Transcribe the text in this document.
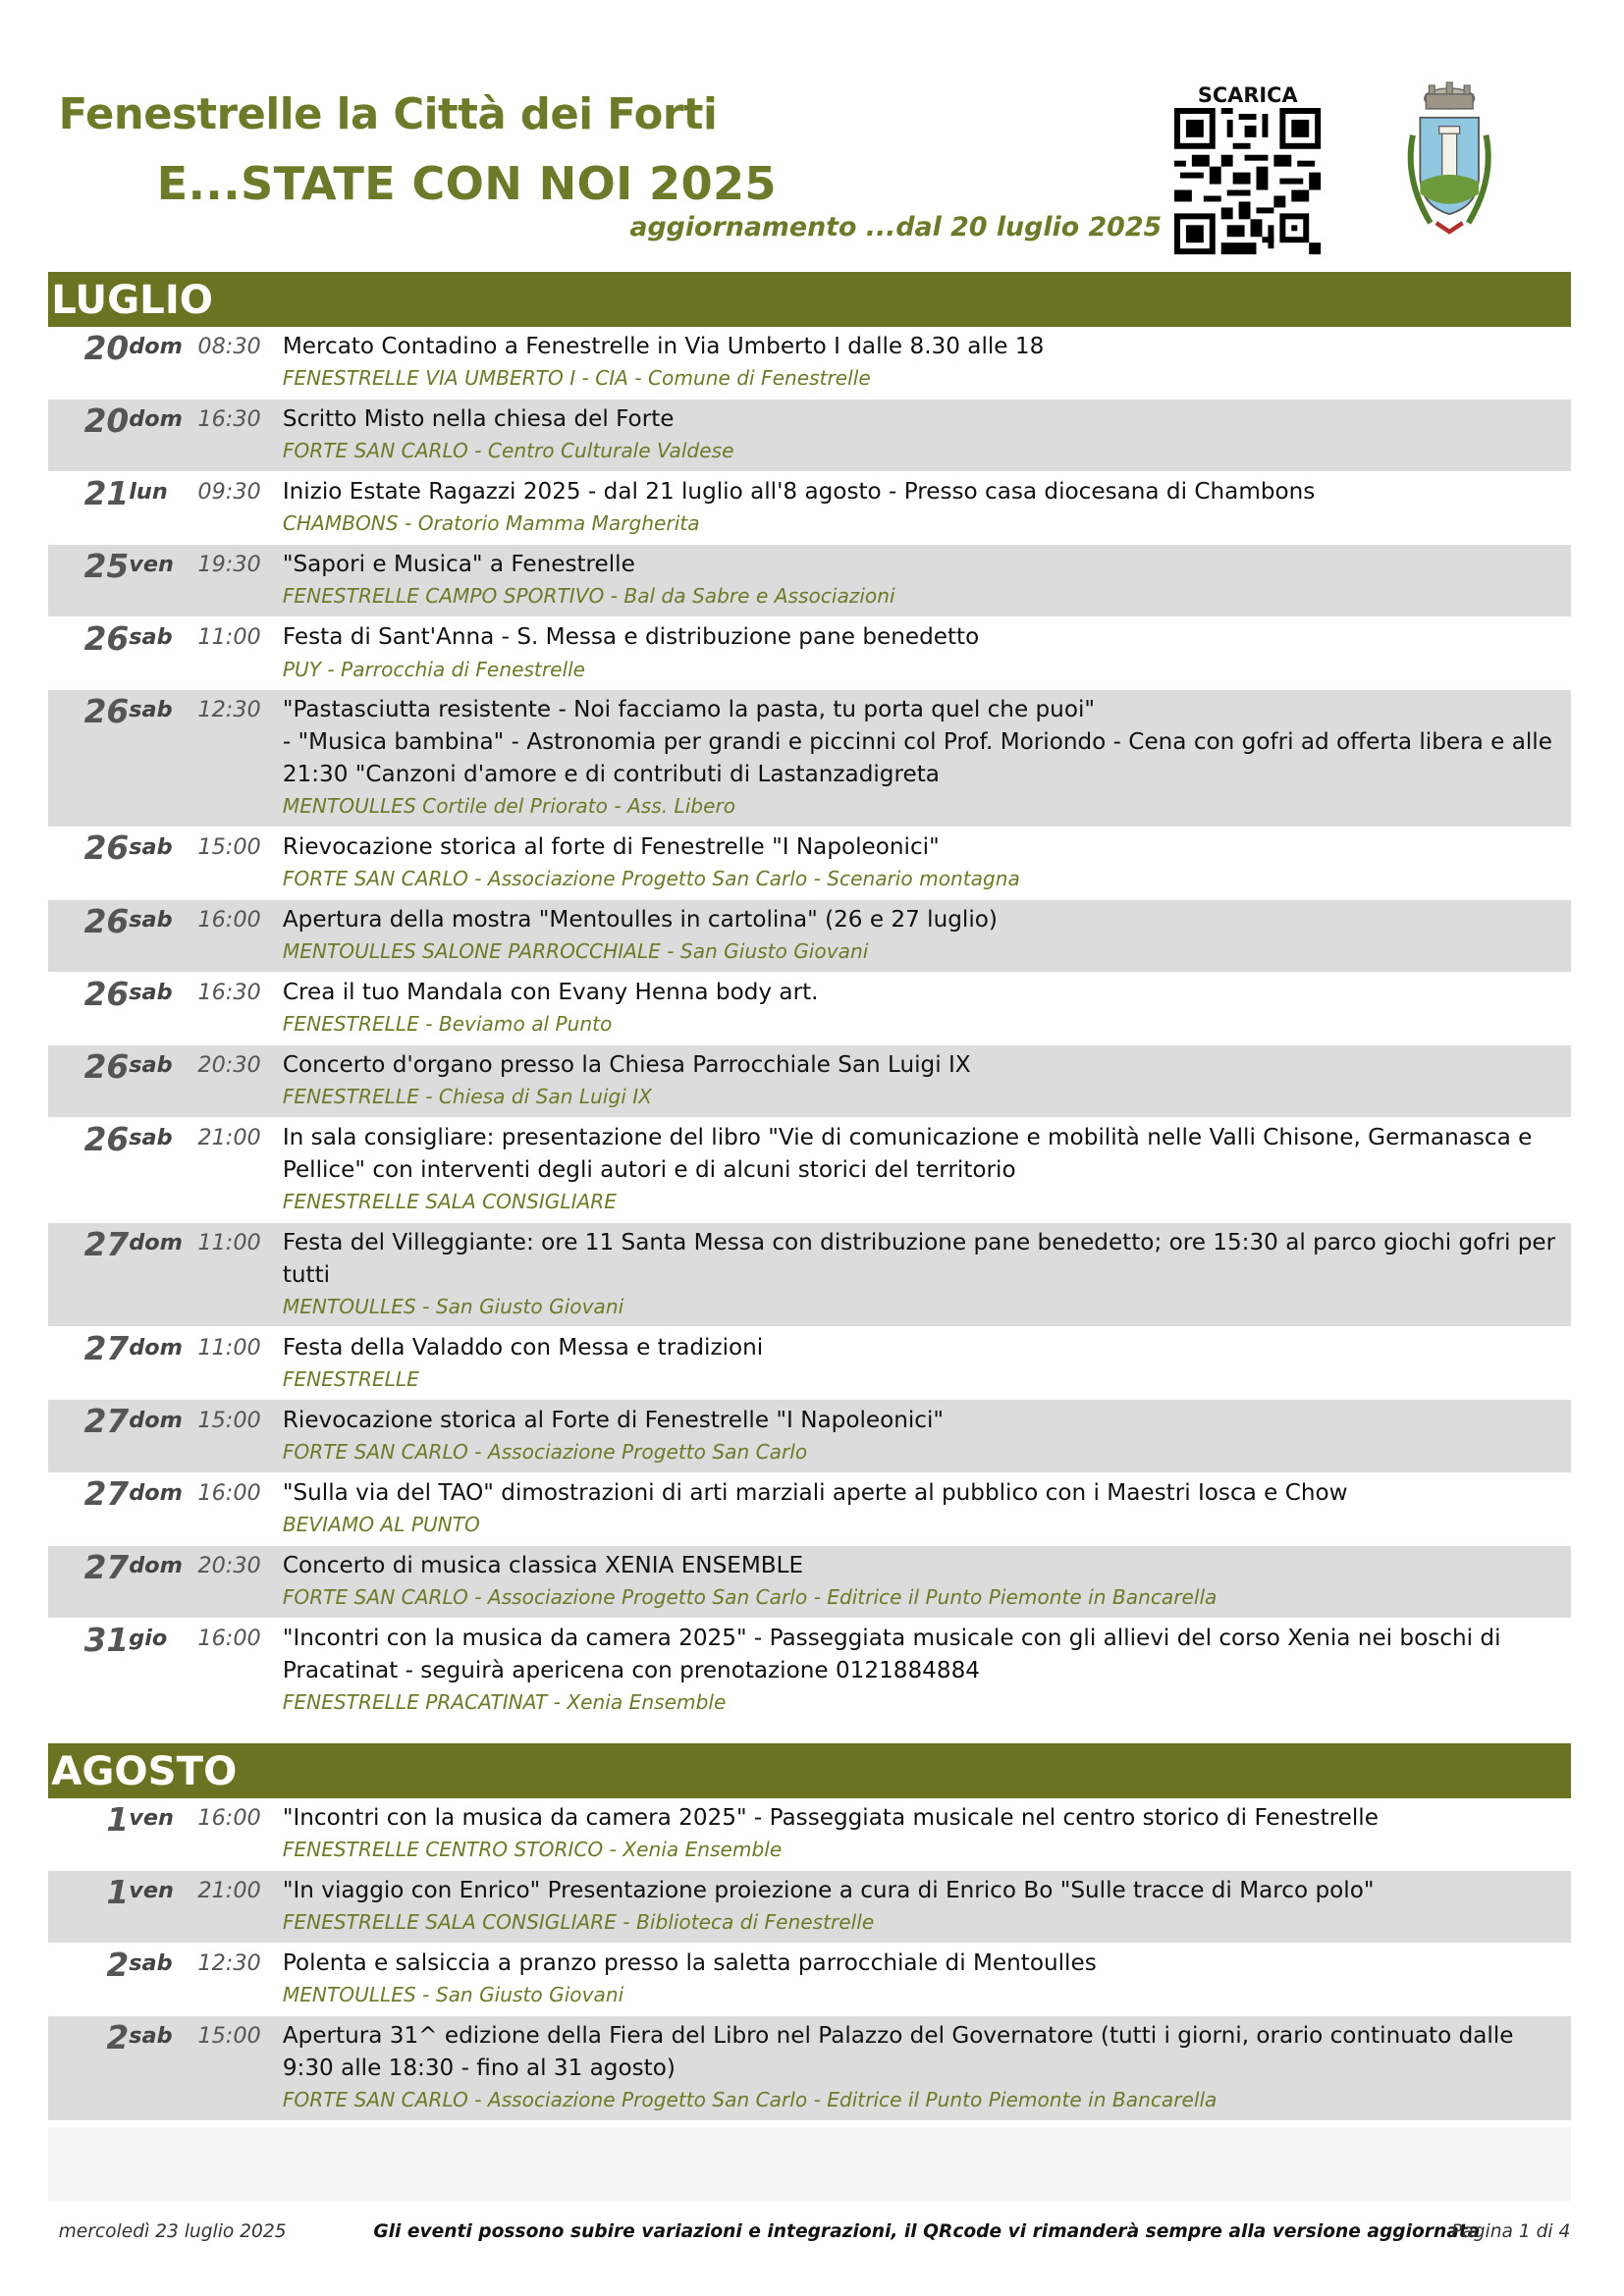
Fenestrelle la Città dei Forti
E...STATE CON NOI 2025
aggiornamento ...dal 20 luglio 2025
SCARICA
LUGLIO
20 dom 08:30 Mercato Contadino a Fenestrelle in Via Umberto I dalle 8.30 alle 18
FENESTRELLE VIA UMBERTO I - CIA - Comune di Fenestrelle
20 dom 16:30 Scritto Misto nella chiesa del Forte
FORTE SAN CARLO - Centro Culturale Valdese
21 lun 09:30 Inizio Estate Ragazzi 2025 - dal 21 luglio all'8 agosto - Presso casa diocesana di Chambons
CHAMBONS - Oratorio Mamma Margherita
25 ven 19:30 "Sapori e Musica" a Fenestrelle
FENESTRELLE CAMPO SPORTIVO - Bal da Sabre e Associazioni
26 sab 11:00 Festa di Sant'Anna - S. Messa e distribuzione pane benedetto
PUY - Parrocchia di Fenestrelle
26 sab 12:30 "Pastasciutta resistente - Noi facciamo la pasta, tu porta quel che puoi"
- "Musica bambina" - Astronomia per grandi e piccinni col Prof. Moriondo - Cena con gofri ad offerta libera e alle 21:30 "Canzoni d'amore e di contributi di Lastanzadigreta
MENTOULLES Cortile del Priorato - Ass. Libero
26 sab 15:00 Rievocazione storica al forte di Fenestrelle "I Napoleonici"
FORTE SAN CARLO - Associazione Progetto San Carlo - Scenario montagna
26 sab 16:00 Apertura della mostra "Mentoulles in cartolina" (26 e 27 luglio)
MENTOULLES SALONE PARROCCHIALE - San Giusto Giovani
26 sab 16:30 Crea il tuo Mandala con Evany Henna body art.
FENESTRELLE - Beviamo al Punto
26 sab 20:30 Concerto d'organo presso la Chiesa Parrocchiale San Luigi IX
FENESTRELLE - Chiesa di San Luigi IX
26 sab 21:00 In sala consigliare: presentazione del libro "Vie di comunicazione e mobilità nelle Valli Chisone, Germanasca e Pellice" con interventi degli autori e di alcuni storici del territorio
FENESTRELLE SALA CONSIGLIARE
27 dom 11:00 Festa del Villeggiante: ore 11 Santa Messa con distribuzione pane benedetto; ore 15:30 al parco giochi gofri per tutti
MENTOULLES - San Giusto Giovani
27 dom 11:00 Festa della Valaddo con Messa e tradizioni
FENESTRELLE
27 dom 15:00 Rievocazione storica al Forte di Fenestrelle "I Napoleonici"
FORTE SAN CARLO - Associazione Progetto San Carlo
27 dom 16:00 "Sulla via del TAO" dimostrazioni di arti marziali aperte al pubblico con i Maestri Iosca e Chow
BEVIAMO AL PUNTO
27 dom 20:30 Concerto di musica classica XENIA ENSEMBLE
FORTE SAN CARLO - Associazione Progetto San Carlo - Editrice il Punto Piemonte in Bancarella
31 gio 16:00 "Incontri con la musica da camera 2025" - Passeggiata musicale con gli allievi del corso Xenia nei boschi di Pracatinat - seguirà apericena con prenotazione 0121884884
FENESTRELLE PRACATINAT - Xenia Ensemble
AGOSTO
1 ven 16:00 "Incontri con la musica da camera 2025" - Passeggiata musicale nel centro storico di Fenestrelle
FENESTRELLE CENTRO STORICO - Xenia Ensemble
1 ven 21:00 "In viaggio con Enrico" Presentazione proiezione a cura di Enrico Bo "Sulle tracce di Marco polo"
FENESTRELLE SALA CONSIGLIARE - Biblioteca di Fenestrelle
2 sab 12:30 Polenta e salsiccia a pranzo presso la saletta parrocchiale di Mentoulles
MENTOULLES - San Giusto Giovani
2 sab 15:00 Apertura 31^ edizione della Fiera del Libro nel Palazzo del Governatore (tutti i giorni, orario continuato dalle 9:30 alle 18:30 - fino al 31 agosto)
FORTE SAN CARLO - Associazione Progetto San Carlo - Editrice il Punto Piemonte in Bancarella
mercoledì 23 luglio 2025	Gli eventi possono subire variazioni e integrazioni, il QRcode vi rimanderà sempre alla versione aggiornata
Pagina 1 di 4
